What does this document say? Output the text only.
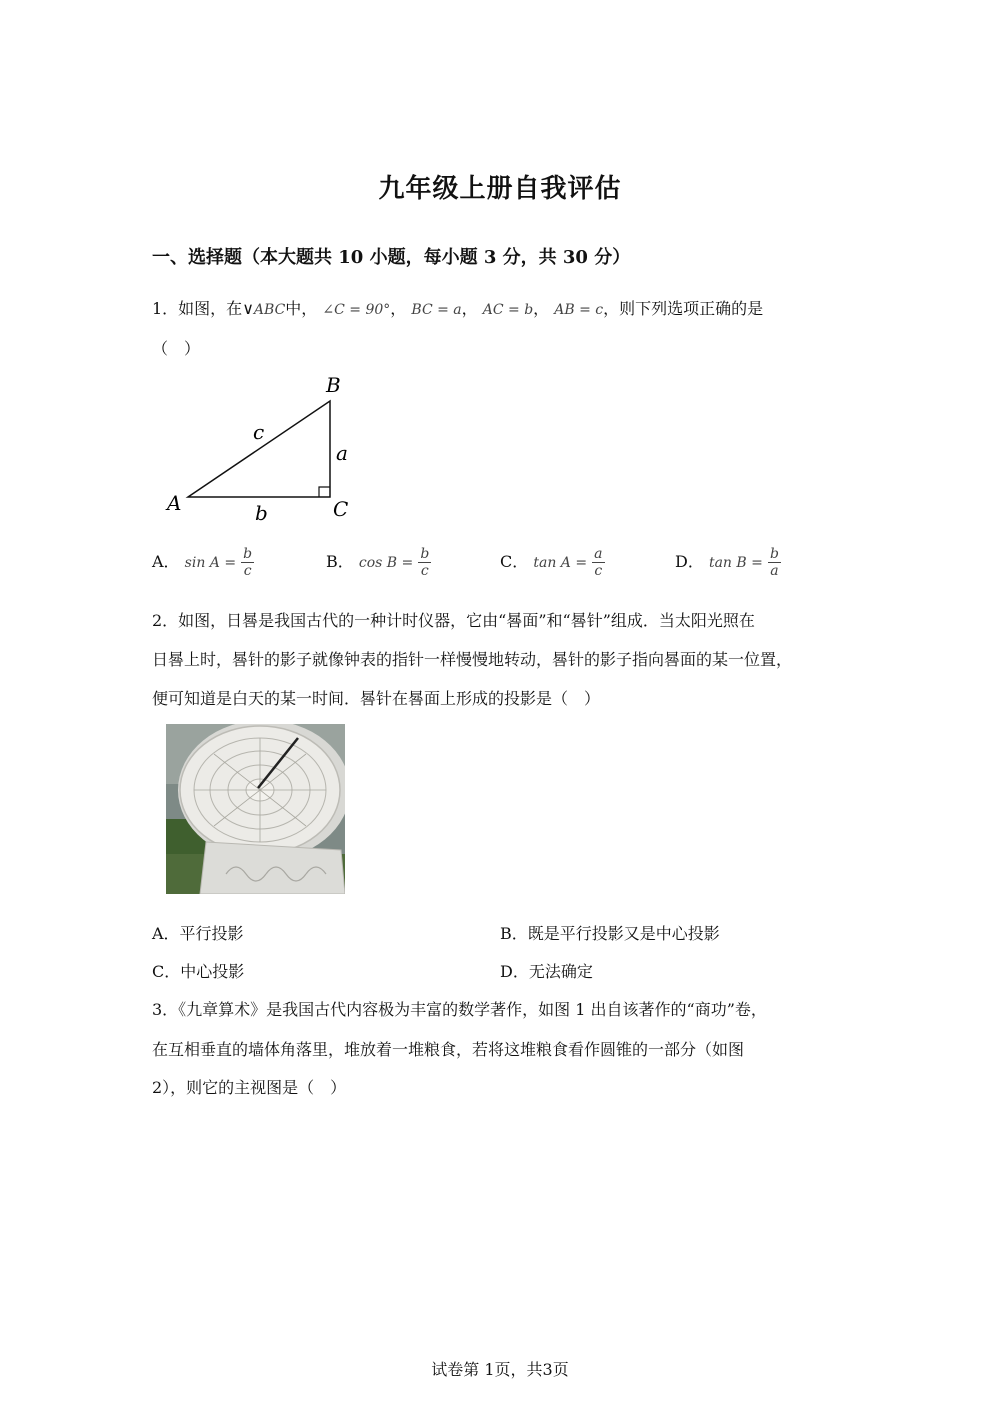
九年级上册自我评估
一、选择题（本大题共 10 小题，每小题 3 分，共 30 分）
1．如图，在∨ABC中， ∠C = 90°， BC = a， AC = b， AB = c，则下列选项正确的是
（　）
B
A	C
c
a
b
A． $\sin A = \frac{b}{c}$	B． $\cos B = \frac{b}{c}$	C． $\tan A = \frac{a}{c}$	D． $\tan B = \frac{b}{a}$
2．如图，日晷是我国古代的一种计时仪器，它由“晷面”和“晷针”组成．当太阳光照在
日晷上时，晷针的影子就像钟表的指针一样慢慢地转动，晷针的影子指向晷面的某一位置，
便可知道是白天的某一时间．晷针在晷面上形成的投影是（　）
A．平行投影	B．既是平行投影又是中心投影
C．中心投影	D．无法确定
3．《九章算术》是我国古代内容极为丰富的数学著作，如图 1 出自该著作的“商功”卷，
在互相垂直的墙体角落里，堆放着一堆粮食，若将这堆粮食看作圆锥的一部分（如图
2），则它的主视图是（　）
试卷第 1页，共3页
